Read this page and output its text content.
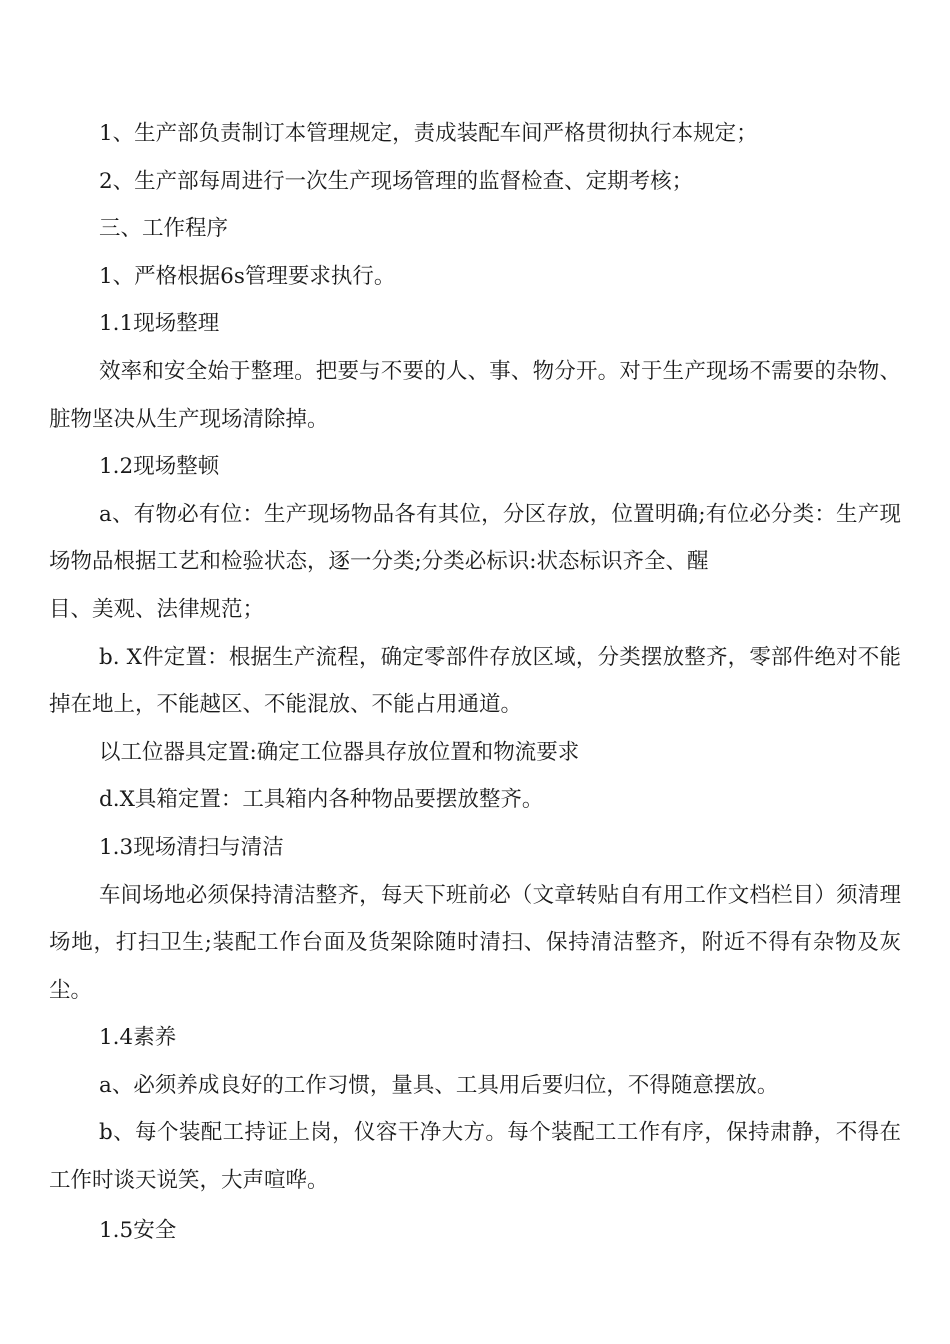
1、生产部负责制订本管理规定，责成装配车间严格贯彻执行本规定；

2、生产部每周进行一次生产现场管理的监督检查、定期考核；

三、工作程序

1、严格根据6s管理要求执行。

1.1现场整理

效率和安全始于整理。把要与不要的人、事、物分开。对于生产现场不需要的杂物、脏物坚决从生产现场清除掉。

1.2现场整顿

a、有物必有位：生产现场物品各有其位，分区存放，位置明确;有位必分类：生产现场物品根据工艺和检验状态，逐一分类;分类必标识:状态标识齐全、醒

目、美观、法律规范；

b. X件定置：根据生产流程，确定零部件存放区域，分类摆放整齐，零部件绝对不能掉在地上，不能越区、不能混放、不能占用通道。

以工位器具定置:确定工位器具存放位置和物流要求

d.X具箱定置：工具箱内各种物品要摆放整齐。

1.3现场清扫与清洁

车间场地必须保持清洁整齐，每天下班前必（文章转贴自有用工作文档栏目）须清理场地，打扫卫生;装配工作台面及货架除随时清扫、保持清洁整齐，附近不得有杂物及灰尘。

1.4素养

a、必须养成良好的工作习惯，量具、工具用后要归位，不得随意摆放。

b、每个装配工持证上岗，仪容干净大方。每个装配工工作有序，保持肃静，不得在工作时谈天说笑，大声喧哗。

1.5安全
